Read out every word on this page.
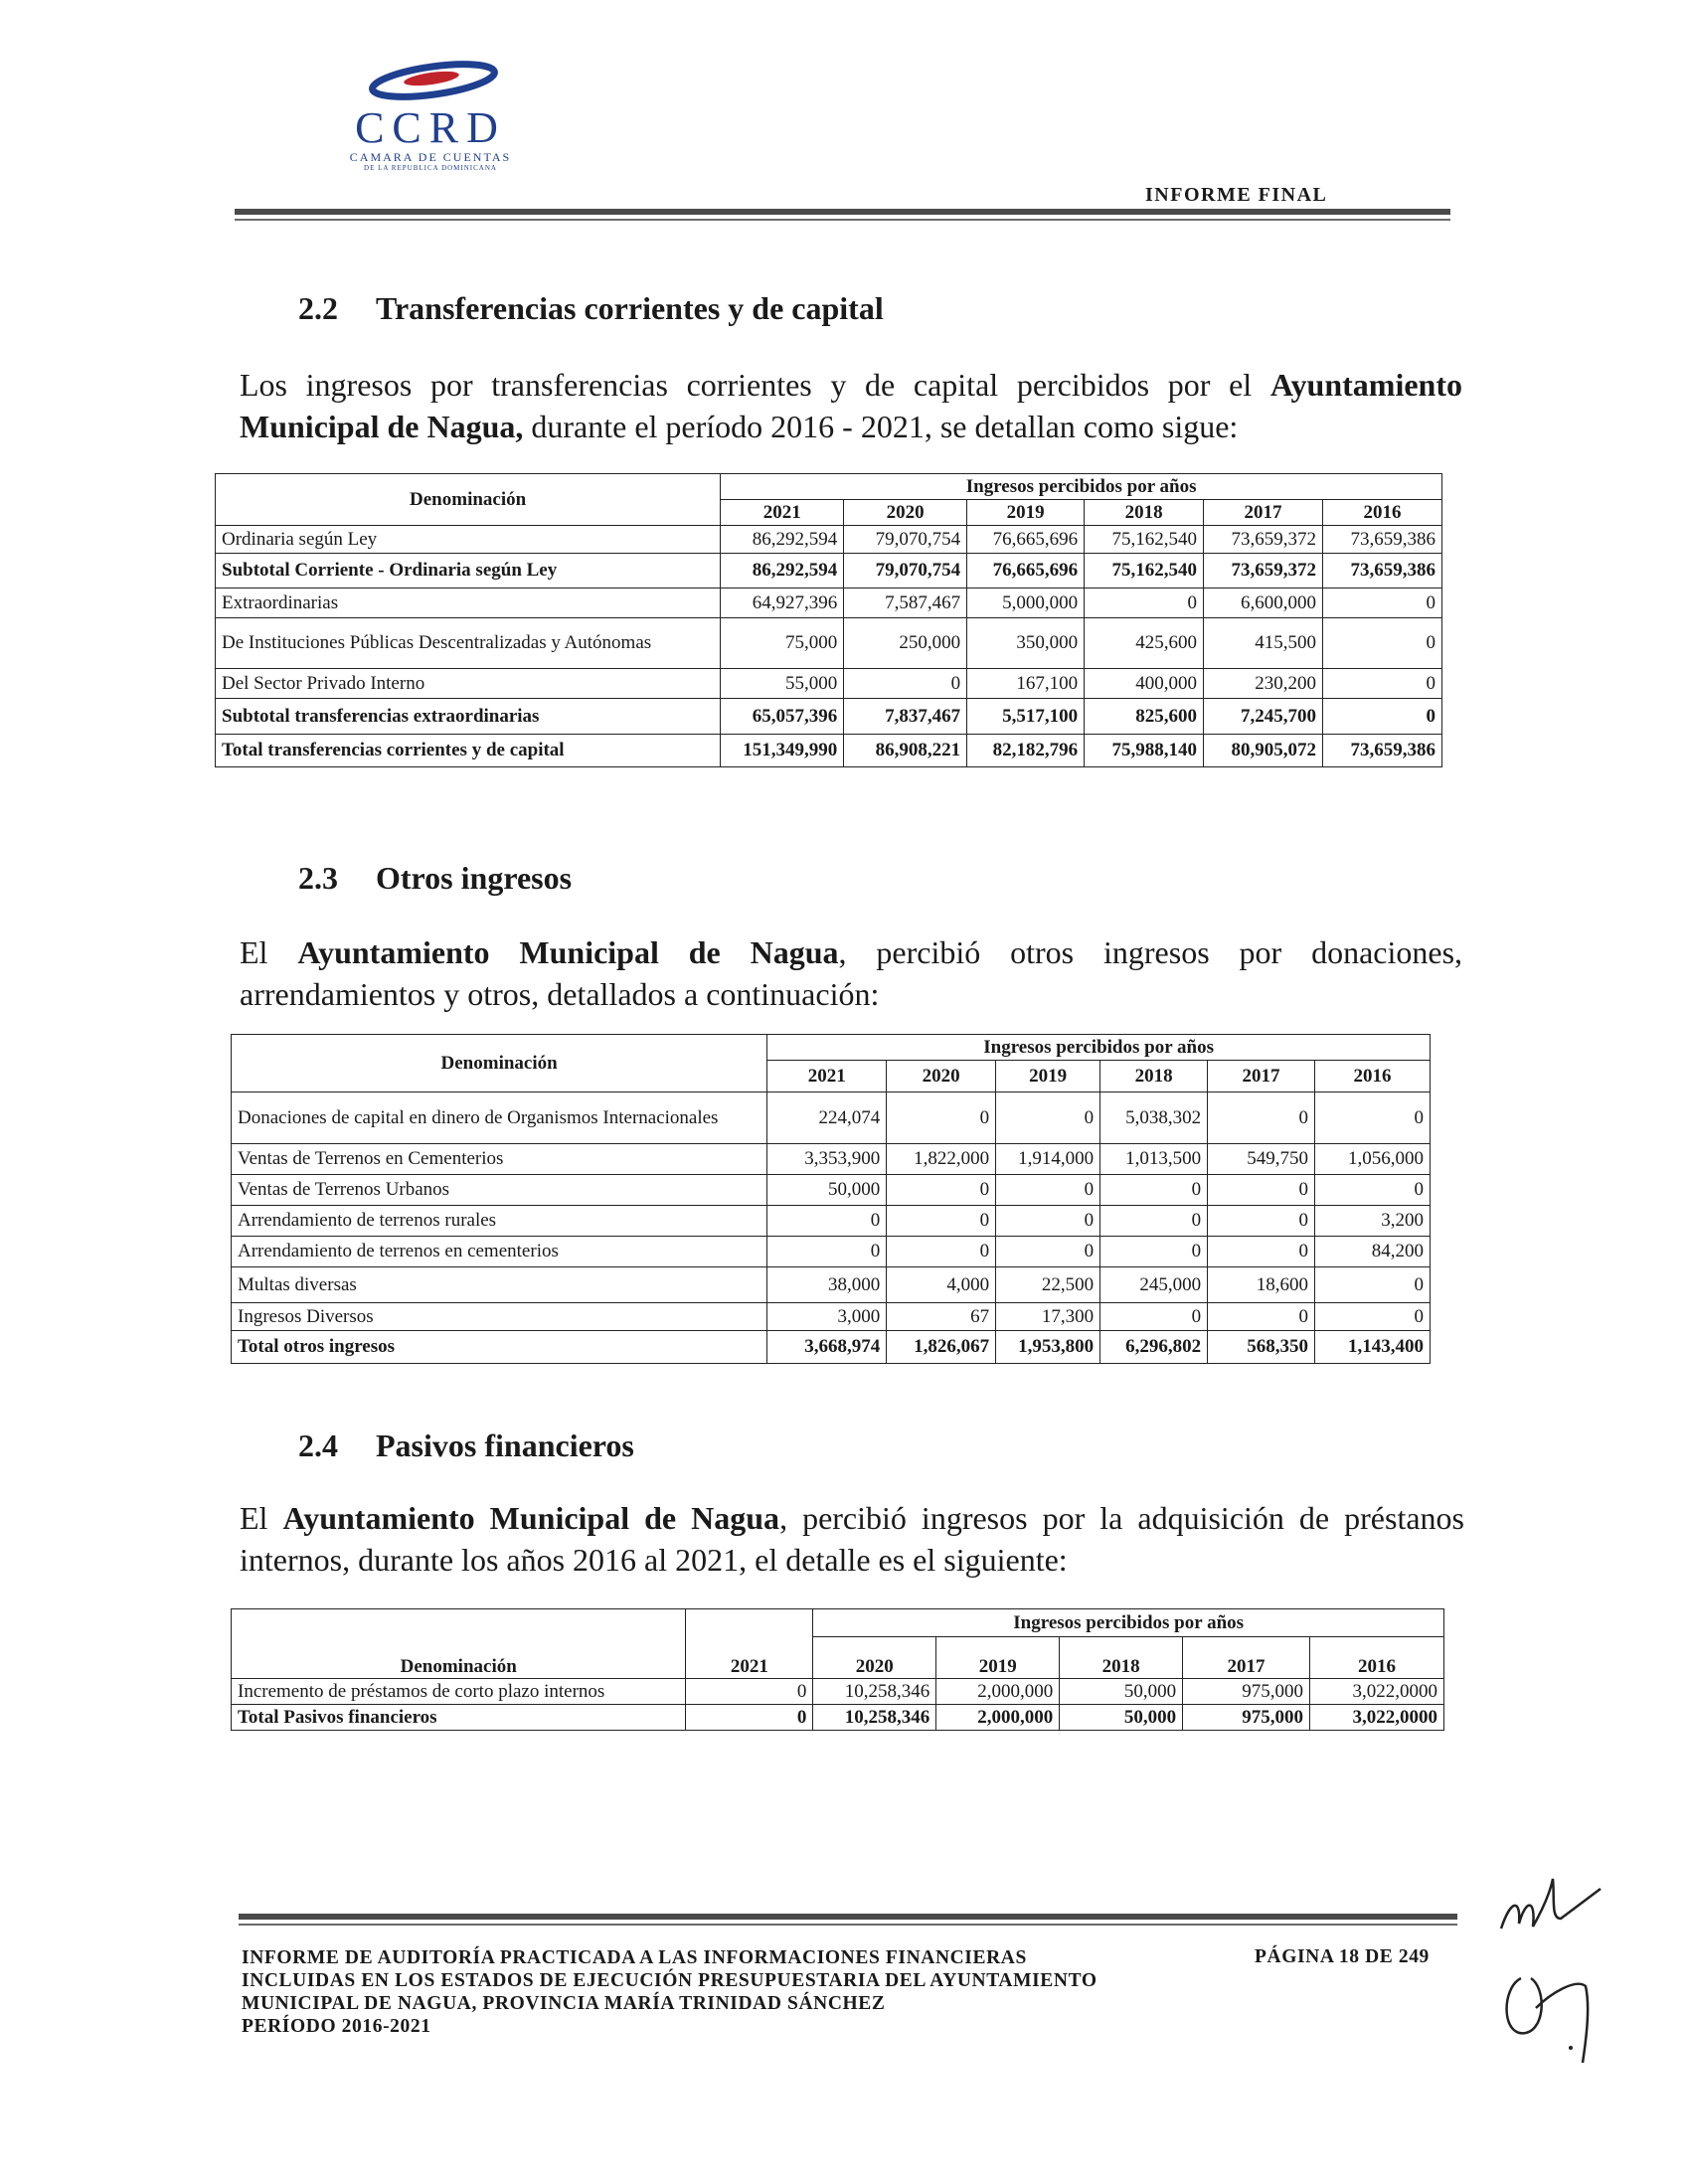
CCRD
CAMARA DE CUENTAS
DE LA REPUBLICA DOMINICANA
INFORME FINAL
2.2 Transferencias corrientes y de capital
Los ingresos por transferencias corrientes y de capital percibidos por el Ayuntamiento Municipal de Nagua, durante el período 2016 - 2021, se detallan como sigue:
Denominación	Ingresos percibidos por años					
	2021	2020	2019	2018	2017	2016
Ordinaria según Ley	86,292,594	79,070,754	76,665,696	75,162,540	73,659,372	73,659,386
Subtotal Corriente - Ordinaria según Ley	86,292,594	79,070,754	76,665,696	75,162,540	73,659,372	73,659,386
Extraordinarias	64,927,396	7,587,467	5,000,000	0	6,600,000	0
De Instituciones Públicas Descentralizadas y Autónomas	75,000	250,000	350,000	425,600	415,500	0
Del Sector Privado Interno	55,000	0	167,100	400,000	230,200	0
Subtotal transferencias extraordinarias	65,057,396	7,837,467	5,517,100	825,600	7,245,700	0
Total transferencias corrientes y de capital	151,349,990	86,908,221	82,182,796	75,988,140	80,905,072	73,659,386
2.3 Otros ingresos
El Ayuntamiento Municipal de Nagua, percibió otros ingresos por donaciones, arrendamientos y otros, detallados a continuación:
Denominación	Ingresos percibidos por años					
	2021	2020	2019	2018	2017	2016
Donaciones de capital en dinero de Organismos Internacionales	224,074	0	0	5,038,302	0	0
Ventas de Terrenos en Cementerios	3,353,900	1,822,000	1,914,000	1,013,500	549,750	1,056,000
Ventas de Terrenos Urbanos	50,000	0	0	0	0	0
Arrendamiento de terrenos rurales	0	0	0	0	0	3,200
Arrendamiento de terrenos en cementerios	0	0	0	0	0	84,200
Multas diversas	38,000	4,000	22,500	245,000	18,600	0
Ingresos Diversos	3,000	67	17,300	0	0	0
Total otros ingresos	3,668,974	1,826,067	1,953,800	6,296,802	568,350	1,143,400
2.4 Pasivos financieros
El Ayuntamiento Municipal de Nagua, percibió ingresos por la adquisición de préstanos internos, durante los años 2016 al 2021, el detalle es el siguiente:
Denominación	2021	Ingresos percibidos por años				
		2020	2019	2018	2017	2016
Incremento de préstamos de corto plazo internos	0	10,258,346	2,000,000	50,000	975,000	3,022,0000
Total Pasivos financieros	0	10,258,346	2,000,000	50,000	975,000	3,022,0000
INFORME DE AUDITORÍA PRACTICADA A LAS INFORMACIONES FINANCIERAS
INCLUIDAS EN LOS ESTADOS DE EJECUCIÓN PRESUPUESTARIA DEL AYUNTAMIENTO
MUNICIPAL DE NAGUA, PROVINCIA MARÍA TRINIDAD SÁNCHEZ
PERÍODO 2016-2021
PÁGINA 18 DE 249
